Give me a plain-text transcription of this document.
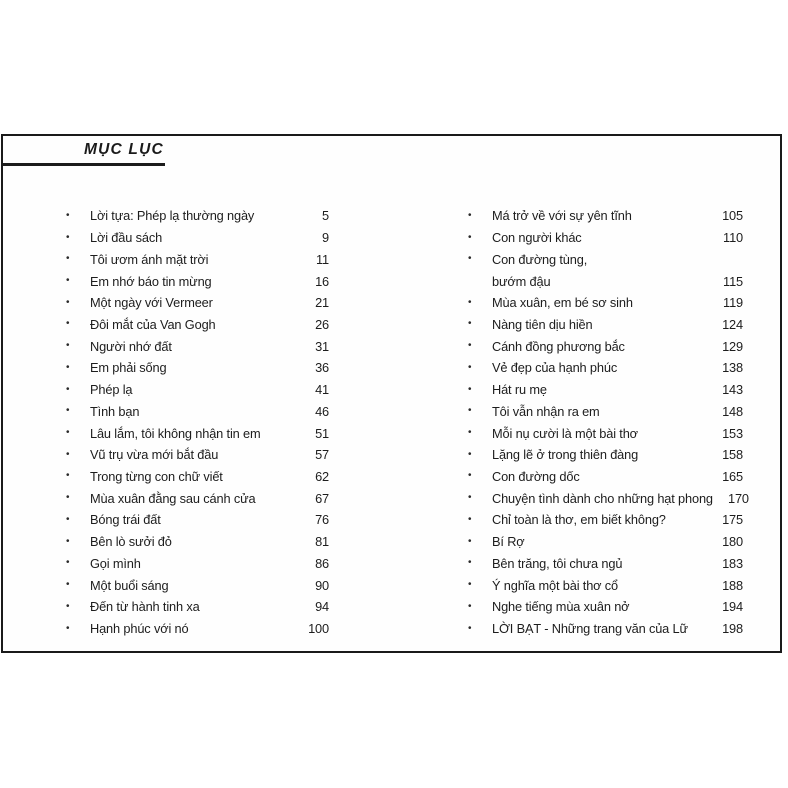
MỤC LỤC
•	Lời tựa: Phép lạ thường ngày	5
•	Lời đầu sách	9
•	Tôi ươm ánh mặt trời	11
•	Em nhớ báo tin mừng	16
•	Một ngày với Vermeer	21
•	Đôi mắt của Van Gogh	26
•	Người nhớ đất	31
•	Em phải sống	36
•	Phép lạ	41
•	Tình bạn	46
•	Lâu lắm, tôi không nhận tin em	51
•	Vũ trụ vừa mới bắt đầu	57
•	Trong từng con chữ viết	62
•	Mùa xuân đằng sau cánh cửa	67
•	Bóng trái đất	76
•	Bên lò sưởi đỏ	81
•	Gọi mình	86
•	Một buổi sáng	90
•	Đến từ hành tinh xa	94
•	Hạnh phúc với nó	100
•	Má trở về với sự yên tĩnh	105
•	Con người khác	110
•	Con đường tùng,
bướm đậu	115
•	Mùa xuân, em bé sơ sinh	119
•	Nàng tiên dịu hiền	124
•	Cánh đồng phương bắc	129
•	Vẻ đẹp của hạnh phúc	138
•	Hát ru mẹ	143
•	Tôi vẫn nhận ra em	148
•	Mỗi nụ cười là một bài thơ	153
•	Lặng lẽ ở trong thiên đàng	158
•	Con đường dốc	165
•	Chuyện tình dành cho những hạt phong	170
•	Chỉ toàn là thơ, em biết không?	175
•	Bí Rợ	180
•	Bên trăng, tôi chưa ngủ	183
•	Ý nghĩa một bài thơ cổ	188
•	Nghe tiếng mùa xuân nở	194
•	LỜI BẠT - Những trang văn của Lữ	198
